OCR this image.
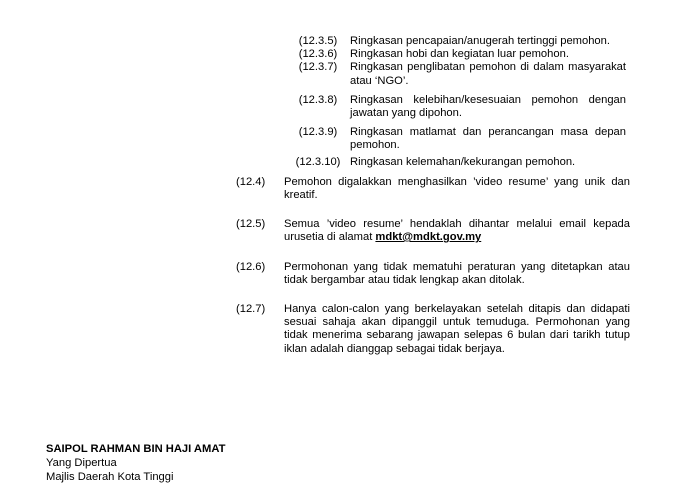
(12.3.5)	Ringkasan pencapaian/anugerah tertinggi pemohon.
(12.3.6)	Ringkasan hobi dan kegiatan luar pemohon.
(12.3.7)	Ringkasan penglibatan pemohon di dalam masyarakat atau ‘NGO’.
(12.3.8)	Ringkasan kelebihan/kesesuaian pemohon dengan jawatan yang dipohon.
(12.3.9)	Ringkasan matlamat dan perancangan masa depan pemohon.
(12.3.10) Ringkasan kelemahan/kekurangan pemohon.
(12.4)	Pemohon digalakkan menghasilkan ’video resume’ yang unik dan kreatif.
(12.5)	Semua ’video resume’ hendaklah dihantar melalui email kepada urusetia di alamat mdkt@mdkt.gov.my
(12.6)	Permohonan yang tidak mematuhi peraturan yang ditetapkan atau tidak bergambar atau tidak lengkap akan ditolak.
(12.7)	Hanya calon-calon yang berkelayakan setelah ditapis dan didapati sesuai sahaja akan dipanggil untuk temuduga. Permohonan yang tidak menerima sebarang jawapan selepas 6 bulan dari tarikh tutup iklan adalah dianggap sebagai tidak berjaya.
SAIPOL RAHMAN BIN HAJI AMAT
Yang Dipertua
Majlis Daerah Kota Tinggi
